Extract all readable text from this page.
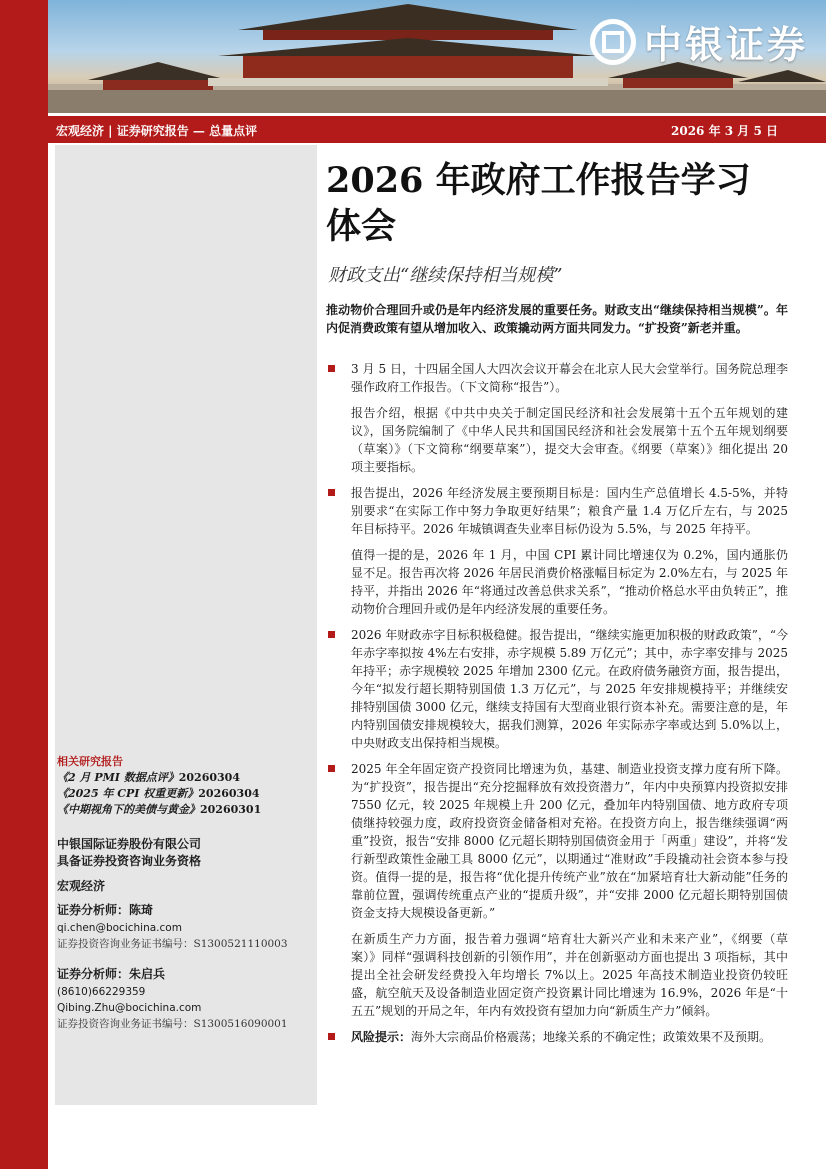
中银证券
宏观经济 | 证券研究报告 — 总量点评	2026 年 3 月 5 日
相关研究报告
《2 月 PMI 数据点评》20260304
《2025 年 CPI 权重更新》20260304
《中期视角下的美债与黄金》20260301
中银国际证券股份有限公司
具备证券投资咨询业务资格
宏观经济
证券分析师：陈琦
qi.chen@bocichina.com
证券投资咨询业务证书编号：S1300521110003
证券分析师：朱启兵
(8610)66229359
Qibing.Zhu@bocichina.com
证券投资咨询业务证书编号：S1300516090001
2026 年政府工作报告学习
体会
财政支出“继续保持相当规模”
推动物价合理回升或仍是年内经济发展的重要任务。财政支出“继续保持相当规模”。年内促消费政策有望从增加收入、政策撬动两方面共同发力。“扩投资”新老并重。
3 月 5 日，十四届全国人大四次会议开幕会在北京人民大会堂举行。国务院总理李强作政府工作报告。（下文简称“报告”）。
报告介绍，根据《中共中央关于制定国民经济和社会发展第十五个五年规划的建议》，国务院编制了《中华人民共和国国民经济和社会发展第十五个五年规划纲要（草案）》（下文简称“纲要草案”），提交大会审查。《纲要（草案）》细化提出 20 项主要指标。
报告提出，2026 年经济发展主要预期目标是：国内生产总值增长 4.5-5%，并特别要求“在实际工作中努力争取更好结果”；粮食产量 1.4 万亿斤左右，与 2025 年目标持平。2026 年城镇调查失业率目标仍设为 5.5%，与 2025 年持平。
值得一提的是，2026 年 1 月，中国 CPI 累计同比增速仅为 0.2%，国内通胀仍显不足。报告再次将 2026 年居民消费价格涨幅目标定为 2.0%左右，与 2025 年持平，并指出 2026 年“将通过改善总供求关系”，“推动价格总水平由负转正”，推动物价合理回升或仍是年内经济发展的重要任务。
2026 年财政赤字目标积极稳健。报告提出，“继续实施更加积极的财政政策”，“今年赤字率拟按 4%左右安排，赤字规模 5.89 万亿元”；其中，赤字率安排与 2025 年持平；赤字规模较 2025 年增加 2300 亿元。在政府债务融资方面，报告提出，今年“拟发行超长期特别国债 1.3 万亿元”，与 2025 年安排规模持平；并继续安排特别国债 3000 亿元，继续支持国有大型商业银行资本补充。需要注意的是，年内特别国债安排规模较大，据我们测算，2026 年实际赤字率或达到 5.0%以上，中央财政支出保持相当规模。
2025 年全年固定资产投资同比增速为负，基建、制造业投资支撑力度有所下降。为“扩投资”，报告提出“充分挖掘释放有效投资潜力”，年内中央预算内投资拟安排 7550 亿元，较 2025 年规模上升 200 亿元，叠加年内特别国债、地方政府专项债继持较强力度，政府投资资金储备相对充裕。在投资方向上，报告继续强调“两重”投资，报告“安排 8000 亿元超长期特别国债资金用于「两重」建设”，并将“发行新型政策性金融工具 8000 亿元”，以期通过“准财政”手段撬动社会资本参与投资。值得一提的是，报告将“优化提升传统产业”放在“加紧培育壮大新动能”任务的靠前位置，强调传统重点产业的“提质升级”，并“安排 2000 亿元超长期特别国债资金支持大规模设备更新。”
在新质生产力方面，报告着力强调“培育壮大新兴产业和未来产业”，《纲要（草案）》同样“强调科技创新的引领作用”，并在创新驱动方面也提出 3 项指标，其中提出全社会研发经费投入年均增长 7%以上。2025 年高技术制造业投资仍较旺盛，航空航天及设备制造业固定资产投资累计同比增速为 16.9%，2026 年是“十五五”规划的开局之年，年内有效投资有望加力向“新质生产力”倾斜。
风险提示：海外大宗商品价格震荡；地缘关系的不确定性；政策效果不及预期。
